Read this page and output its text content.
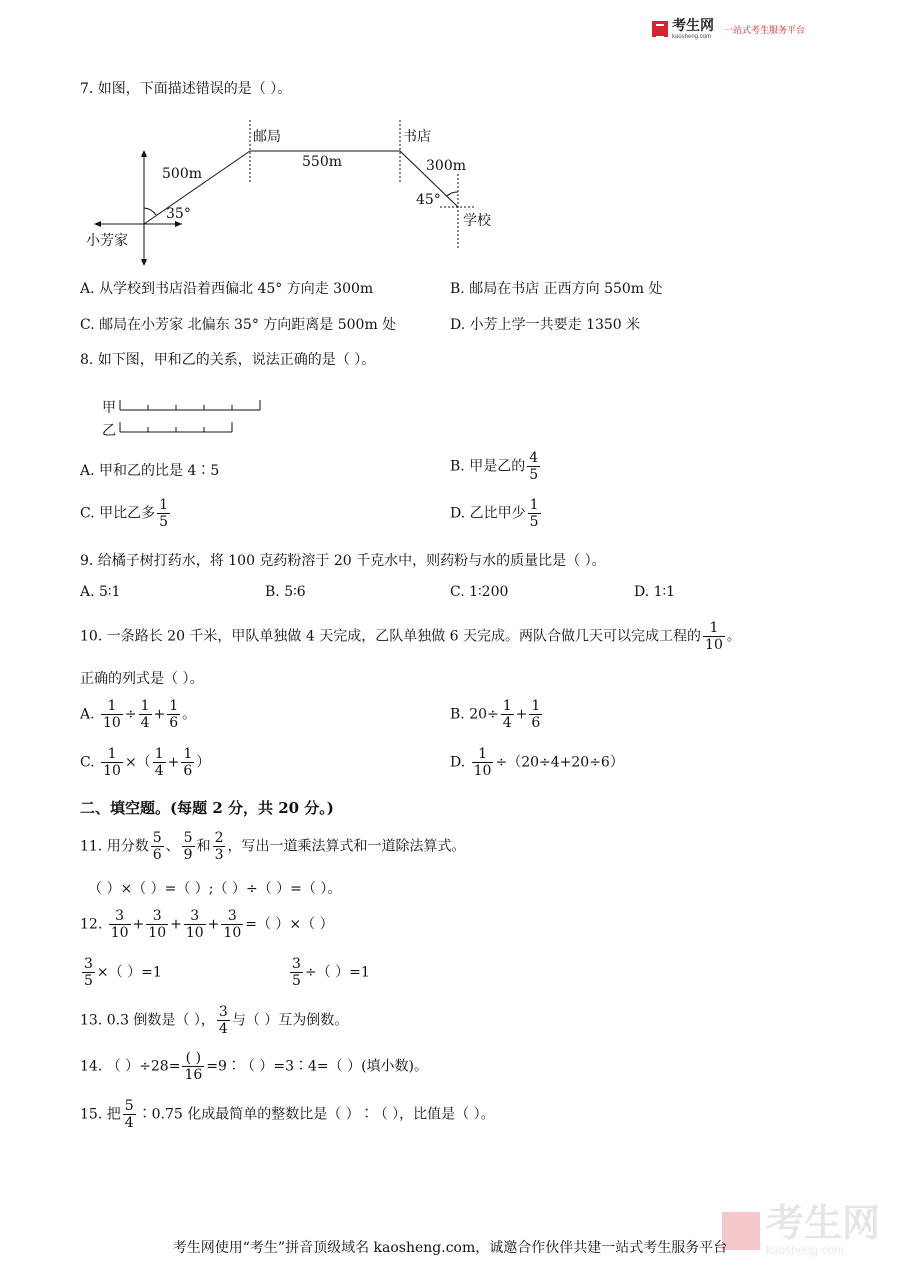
考生网
kaosheng.com
一站式考生服务平台
7. 如图，下面描述错误的是（ ）。
邮局	书店
小芳家
学校
500m
550m	300m
35°
45°
A. 从学校到书店沿着西偏北 45° 方向走 300m	B. 邮局在书店 正西方向 550m 处
C. 邮局在小芳家 北偏东 35° 方向距离是 500m 处	D. 小芳上学一共要走 1350 米
8. 如下图，甲和乙的关系，说法正确的是（ ）。
甲
乙
A. 甲和乙的比是 4∶5	B. 甲是乙的 $\frac{4}{5}$
C. 甲比乙多 $\frac{1}{5}$	D. 乙比甲少 $\frac{1}{5}$
9. 给橘子树打药水，将 100 克药粉溶于 20 千克水中，则药粉与水的质量比是（ ）。
A. 5∶1	B. 5∶6	C. 1∶200	D. 1∶1
10. 一条路长 20 千米，甲队单独做 4 天完成，乙队单独做 6 天完成。两队合做几天可以完成工程的 $\frac{1}{10}$ 。
正确的列式是（ ）。
A. $\frac{1}{10} \div \frac{1}{4} + \frac{1}{6}$ 。	B. $20\div \frac{1}{4} + \frac{1}{6}$
C. $\frac{1}{10}$ ×（ $\frac{1}{4} + \frac{1}{6}$ ）	D. $\frac{1}{10} \div(20\div 4+20\div 6)$
二、填空题。(每题 2 分，共 20 分。)
11. 用分数 $\frac{5}{6}$ 、 $\frac{5}{9}$ 和 $\frac{2}{3}$ ，写出一道乘法算式和一道除法算式。
（ ）×（ ）=（ ）;（ ）÷（ ）=（ ）。
12. $\frac{3}{10} + \frac{3}{10} + \frac{3}{10} + \frac{3}{10}$ =（ ）×（ ）
$\frac{3}{5}$ ×（ ）=1	$\frac{3}{5}$ ÷（ ）=1
13. 0.3 倒数是（ ）， $\frac{3}{4}$ 与（ ）互为倒数。
14. （ ）$\div 28= \frac{( )}{16}$ =9∶（ ）=3∶4=（ ）(填小数)。
15. 把 $\frac{5}{4}$ ∶0.75 化成最简单的整数比是（ ）∶（ ），比值是（ ）。
考生网
kaosheng.com
考生网使用“考生”拼音顶级域名 kaosheng.com，诚邀合作伙伴共建一站式考生服务平台
